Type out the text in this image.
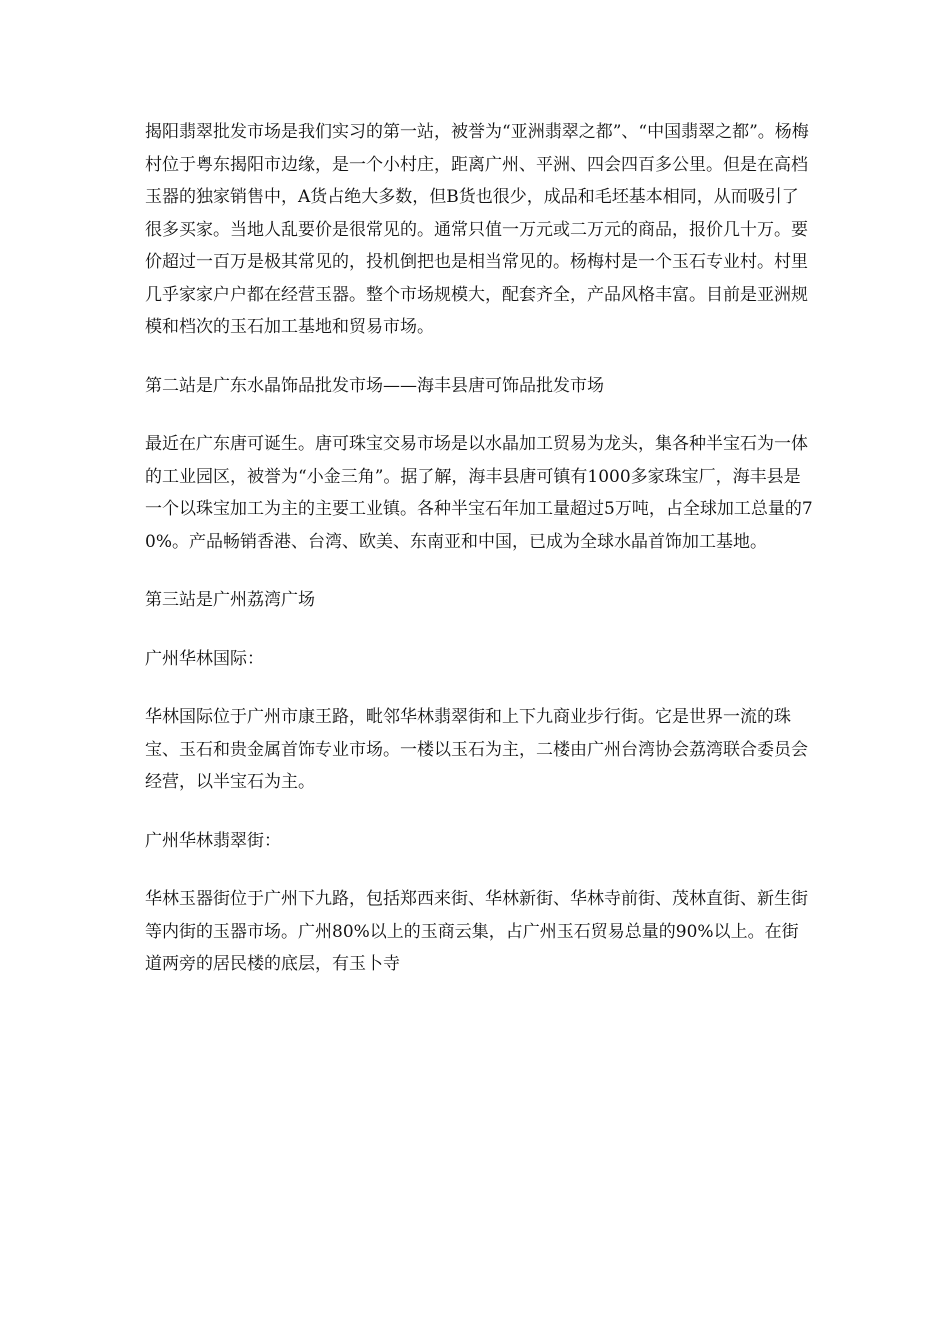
揭阳翡翠批发市场是我们实习的第一站，被誉为“亚洲翡翠之都”、“中国翡翠之都”。杨梅村位于粤东揭阳市边缘，是一个小村庄，距离广州、平洲、四会四百多公里。但是在高档玉器的独家销售中，A货占绝大多数，但B货也很少，成品和毛坯基本相同，从而吸引了很多买家。当地人乱要价是很常见的。通常只值一万元或二万元的商品，报价几十万。要价超过一百万是极其常见的，投机倒把也是相当常见的。杨梅村是一个玉石专业村。村里几乎家家户户都在经营玉器。整个市场规模大，配套齐全，产品风格丰富。目前是亚洲规模和档次的玉石加工基地和贸易市场。

第二站是广东水晶饰品批发市场——海丰县唐可饰品批发市场

最近在广东唐可诞生。唐可珠宝交易市场是以水晶加工贸易为龙头，集各种半宝石为一体的工业园区，被誉为“小金三角”。据了解，海丰县唐可镇有1000多家珠宝厂，海丰县是一个以珠宝加工为主的主要工业镇。各种半宝石年加工量超过5万吨，占全球加工总量的70%。产品畅销香港、台湾、欧美、东南亚和中国，已成为全球水晶首饰加工基地。

第三站是广州荔湾广场

广州华林国际：

华林国际位于广州市康王路，毗邻华林翡翠街和上下九商业步行街。它是世界一流的珠宝、玉石和贵金属首饰专业市场。一楼以玉石为主，二楼由广州台湾协会荔湾联合委员会经营，以半宝石为主。

广州华林翡翠街：

华林玉器街位于广州下九路，包括郑西来街、华林新街、华林寺前街、茂林直街、新生街等内街的玉器市场。广州80%以上的玉商云集，占广州玉石贸易总量的90%以上。在街道两旁的居民楼的底层，有玉卜寺
